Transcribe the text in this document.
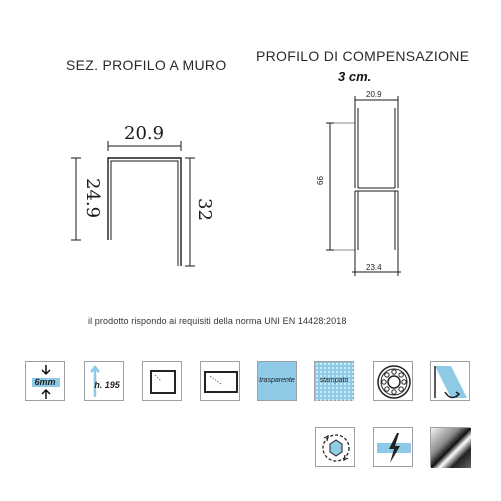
SEZ. PROFILO A MURO
PROFILO DI COMPENSAZIONE
3 cm.
20.9
24.9	32
20.9
66
23.4
il prodotto rispondo ai requisiti della norma UNI EN 14428:2018
6mm	h. 195	trasparente	stampato
